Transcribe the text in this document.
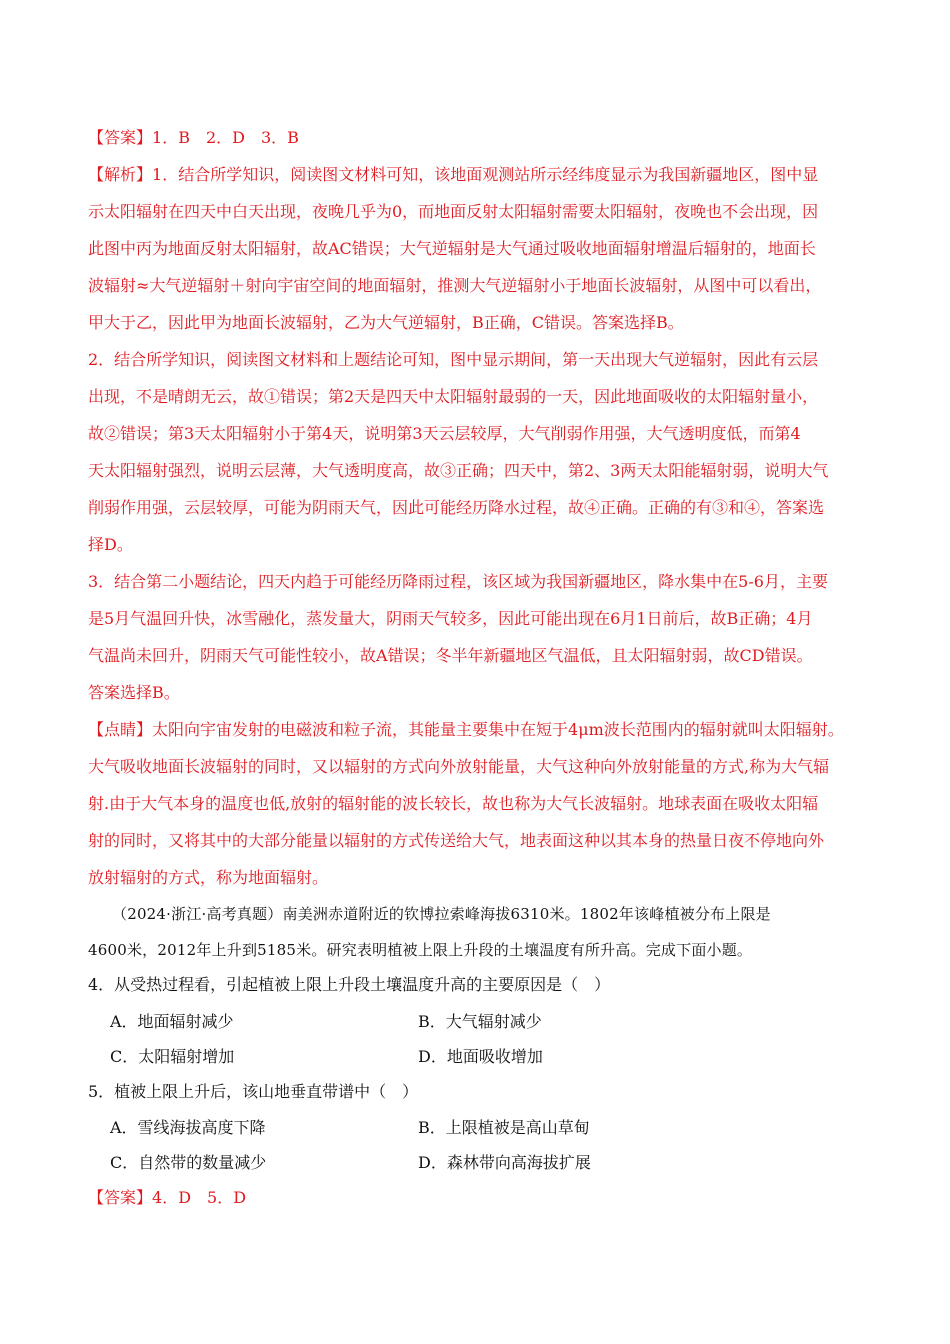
【答案】1．B　2．D　3．B
【解析】1．结合所学知识，阅读图文材料可知，该地面观测站所示经纬度显示为我国新疆地区，图中显
示太阳辐射在四天中白天出现，夜晚几乎为0，而地面反射太阳辐射需要太阳辐射，夜晚也不会出现，因
此图中丙为地面反射太阳辐射，故AC错误；大气逆辐射是大气通过吸收地面辐射增温后辐射的，地面长
波辐射≈大气逆辐射＋射向宇宙空间的地面辐射，推测大气逆辐射小于地面长波辐射，从图中可以看出，
甲大于乙，因此甲为地面长波辐射，乙为大气逆辐射，B正确，C错误。答案选择B。
2．结合所学知识，阅读图文材料和上题结论可知，图中显示期间，第一天出现大气逆辐射，因此有云层
出现，不是晴朗无云，故①错误；第2天是四天中太阳辐射最弱的一天，因此地面吸收的太阳辐射量小，
故②错误；第3天太阳辐射小于第4天，说明第3天云层较厚，大气削弱作用强，大气透明度低，而第4
天太阳辐射强烈，说明云层薄，大气透明度高，故③正确；四天中，第2、3两天太阳能辐射弱，说明大气
削弱作用强，云层较厚，可能为阴雨天气，因此可能经历降水过程，故④正确。正确的有③和④，答案选
择D。
3．结合第二小题结论，四天内趋于可能经历降雨过程，该区域为我国新疆地区，降水集中在5-6月，主要
是5月气温回升快，冰雪融化，蒸发量大，阴雨天气较多，因此可能出现在6月1日前后，故B正确；4月
气温尚未回升，阴雨天气可能性较小，故A错误；冬半年新疆地区气温低，且太阳辐射弱，故CD错误。
答案选择B。
【点睛】太阳向宇宙发射的电磁波和粒子流，其能量主要集中在短于4μm波长范围内的辐射就叫太阳辐射。
大气吸收地面长波辐射的同时，又以辐射的方式向外放射能量，大气这种向外放射能量的方式,称为大气辐
射.由于大气本身的温度也低,放射的辐射能的波长较长，故也称为大气长波辐射。地球表面在吸收太阳辐
射的同时，又将其中的大部分能量以辐射的方式传送给大气，地表面这种以其本身的热量日夜不停地向外
放射辐射的方式，称为地面辐射。
（2024·浙江·高考真题）南美洲赤道附近的钦博拉索峰海拔6310米。1802年该峰植被分布上限是
4600米，2012年上升到5185米。研究表明植被上限上升段的土壤温度有所升高。完成下面小题。
4．从受热过程看，引起植被上限上升段土壤温度升高的主要原因是（　）
A．地面辐射减少	B．大气辐射减少
C．太阳辐射增加	D．地面吸收增加
5．植被上限上升后，该山地垂直带谱中（　）
A．雪线海拔高度下降	B．上限植被是高山草甸
C．自然带的数量减少	D．森林带向高海拔扩展
【答案】4．D　5．D
